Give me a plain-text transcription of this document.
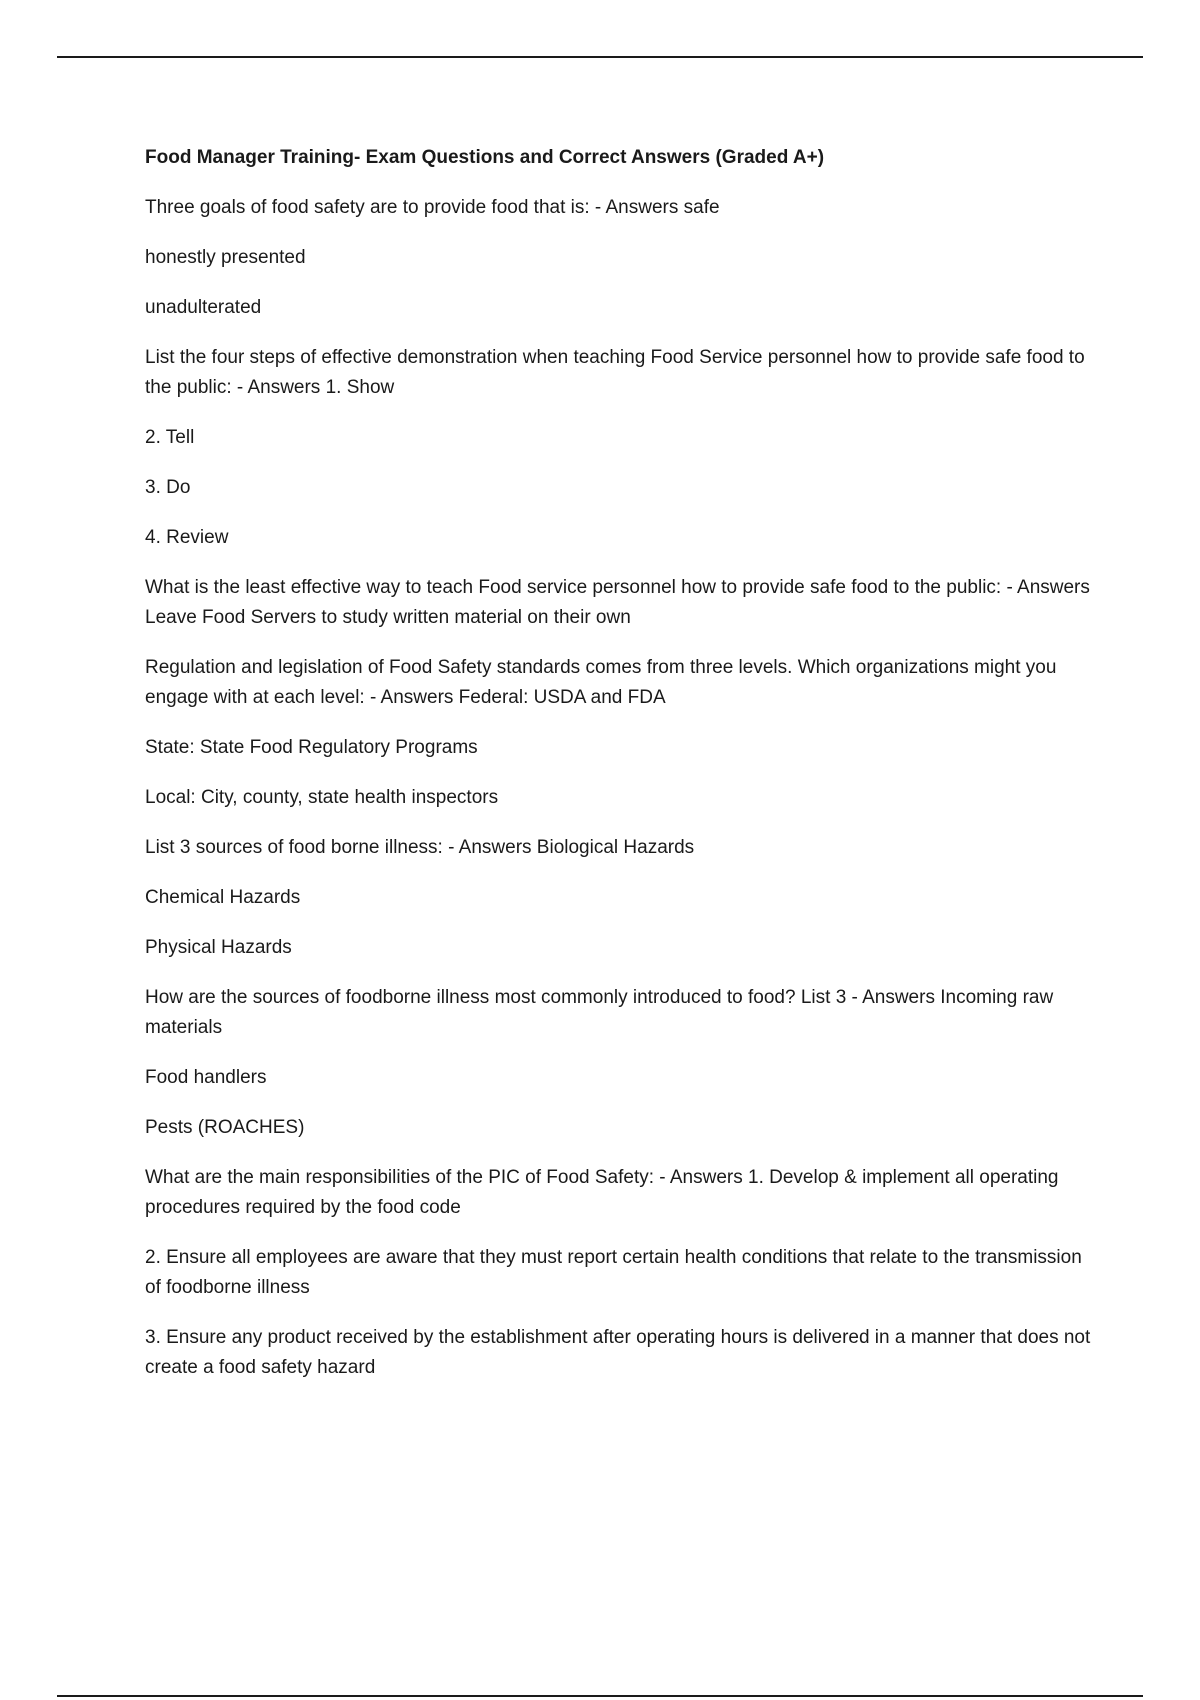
Food Manager Training- Exam Questions and Correct Answers (Graded A+)

Three goals of food safety are to provide food that is: - Answers safe

honestly presented

unadulterated

List the four steps of effective demonstration when teaching Food Service personnel how to provide safe food to the public: - Answers 1. Show

2. Tell

3. Do

4. Review

What is the least effective way to teach Food service personnel how to provide safe food to the public: - Answers Leave Food Servers to study written material on their own

Regulation and legislation of Food Safety standards comes from three levels. Which organizations might you engage with at each level: - Answers Federal: USDA and FDA

State: State Food Regulatory Programs

Local: City, county, state health inspectors

List 3 sources of food borne illness: - Answers Biological Hazards

Chemical Hazards

Physical Hazards

How are the sources of foodborne illness most commonly introduced to food? List 3 - Answers Incoming raw materials

Food handlers

Pests (ROACHES)

What are the main responsibilities of the PIC of Food Safety: - Answers 1. Develop & implement all operating procedures required by the food code

2. Ensure all employees are aware that they must report certain health conditions that relate to the transmission of foodborne illness

3. Ensure any product received by the establishment after operating hours is delivered in a manner that does not create a food safety hazard
